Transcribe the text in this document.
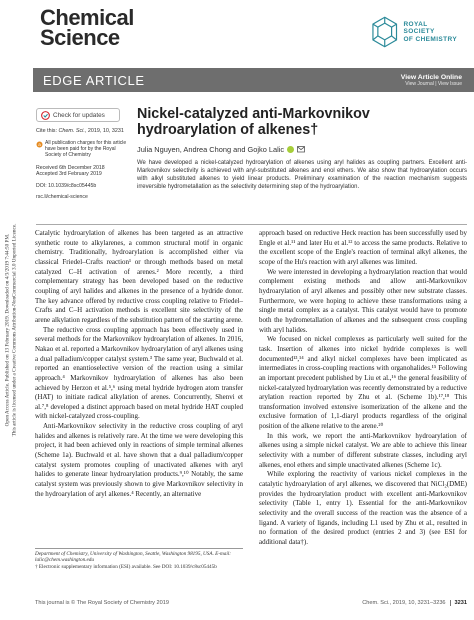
Open Access Article. Published on 13 February 2019. Downloaded on 4/3/2019 7:44:50 PM. This article is licensed under a Creative Commons Attribution-NonCommercial 3.0 Unported Licence.
Chemical
Science
ROYAL SOCIETY
OF CHEMISTRY
EDGE ARTICLE	View Article Online
View Journal | View Issue
Check for updates
Cite this: Chem. Sci., 2019, 10, 3231
a All publication charges for this article have been paid for by the Royal Society of Chemistry
Received 6th December 2018
Accepted 3rd February 2019
DOI: 10.1039/c8sc05445b
rsc.li/chemical-science
Nickel-catalyzed anti-Markovnikov hydroarylation of alkenes†
Julia Nguyen, Andrea Chong and Gojko Lalic
We have developed a nickel-catalyzed hydroarylation of alkenes using aryl halides as coupling partners. Excellent anti-Markovnikov selectivity is achieved with aryl-substituted alkenes and enol ethers. We also show that hydroarylation occurs with alkyl substituted alkenes to yield linear products. Preliminary examination of the reaction mechanism suggests irreversible hydrometallation as the selectivity determining step of the hydroarylation.

Catalytic hydroarylation of alkenes has been targeted as an attractive synthetic route to alkylarenes, a common structural motif in organic chemistry. Traditionally, hydroarylation is accomplished either via classical Friedel–Crafts reaction¹ or through methods based on metal catalyzed C–H activation of arenes.² More recently, a third complementary strategy has been developed based on the reductive coupling of aryl halides and alkenes in the presence of a hydride donor. The key advance offered by reductive cross coupling relative to Friedel–Crafts and C–H activation methods is excellent site selectivity of the arene alkylation regardless of the substitution pattern of the starting arene.

The reductive cross coupling approach has been effectively used in several methods for the Markovnikov hydroarylation of alkenes. In 2016, Nakao et al. reported a Markovnikov hydroarylation of aryl alkenes using a dual palladium/copper catalyst system.³ The same year, Buchwald et al. reported an enantioselective version of the reaction using a similar approach.⁴ Markovnikov hydroarylation of alkenes has also been achieved by Herzon et al.⁵,⁶ using metal hydride hydrogen atom transfer (HAT) to initiate radical alkylation of arenes. Concurrently, Shenvi et al.⁷,⁸ developed a distinct approach based on metal hydride HAT coupled with nickel-catalyzed cross-coupling.

Anti-Markovnikov selectivity in the reductive cross coupling of aryl halides and alkenes is relatively rare. At the time we were developing this project, it had been achieved only in reactions of simple terminal alkenes (Scheme 1a). Buchwald et al. have shown that a dual palladium/copper catalyst system promotes coupling of unactivated alkenes with aryl halides to generate linear hydroarylation products.⁹,¹⁰ Notably, the same catalyst system was previously shown to give Markovnikov selectivity in the hydroarylation of aryl alkenes.⁴ Recently, an alternative

approach based on reductive Heck reaction has been successfully used by Engle et al.¹¹ and later Hu et al.¹² to access the same products. Relative to the excellent scope of the Engle's reaction of terminal alkyl alkenes, the scope of the Hu's reaction with aryl alkenes was limited.

We were interested in developing a hydroarylation reaction that would complement existing methods and allow anti-Markovnikov hydroarylation of aryl alkenes and possibly other new substrate classes. Furthermore, we were hoping to achieve these transformations using a single metal complex as a catalyst. This catalyst would have to promote both the hydrometallation of alkenes and the subsequent cross coupling with aryl halides.

We focused on nickel complexes as particularly well suited for the task. Insertion of alkenes into nickel hydride complexes is well documented¹³,¹⁴ and alkyl nickel complexes have been implicated as intermediates in cross-coupling reactions with organohalides.¹⁵ Following an important precedent published by Liu et al.,¹⁶ the general feasibility of nickel-catalyzed hydroarylation was recently demonstrated by a reductive arylation reaction reported by Zhu et al. (Scheme 1b).¹⁷,¹⁸ This transformation involved extensive isomerization of the alkene and the exclusive formation of 1,1-diaryl products regardless of the original position of the alkene relative to the arene.²⁰

In this work, we report the anti-Markovnikov hydroarylation of alkenes using a simple nickel catalyst. We are able to achieve this linear selectivity with a number of different substrate classes, including aryl alkenes, enol ethers and simple unactivated alkenes (Scheme 1c).

While exploring the reactivity of various nickel complexes in the catalytic hydroarylation of aryl alkenes, we discovered that NiCl₂(DME) provides the hydroarylation product with excellent anti-Markovnikov selectivity (Table 1, entry 1). Essential for the anti-Markovnikov selectivity and the overall success of the reaction was the absence of a ligand. A variety of ligands, including L1 used by Zhu et al., resulted in no formation of the desired product (entries 2 and 3) (see ESI for additional data†).

Department of Chemistry, University of Washington, Seattle, Washington 98195, USA. E-mail: lalic@chem.washington.edu
† Electronic supplementary information (ESI) available. See DOI: 10.1039/c8sc05445b
This journal is © The Royal Society of Chemistry 2019	Chem. Sci., 2019, 10, 3231–3236	3231
